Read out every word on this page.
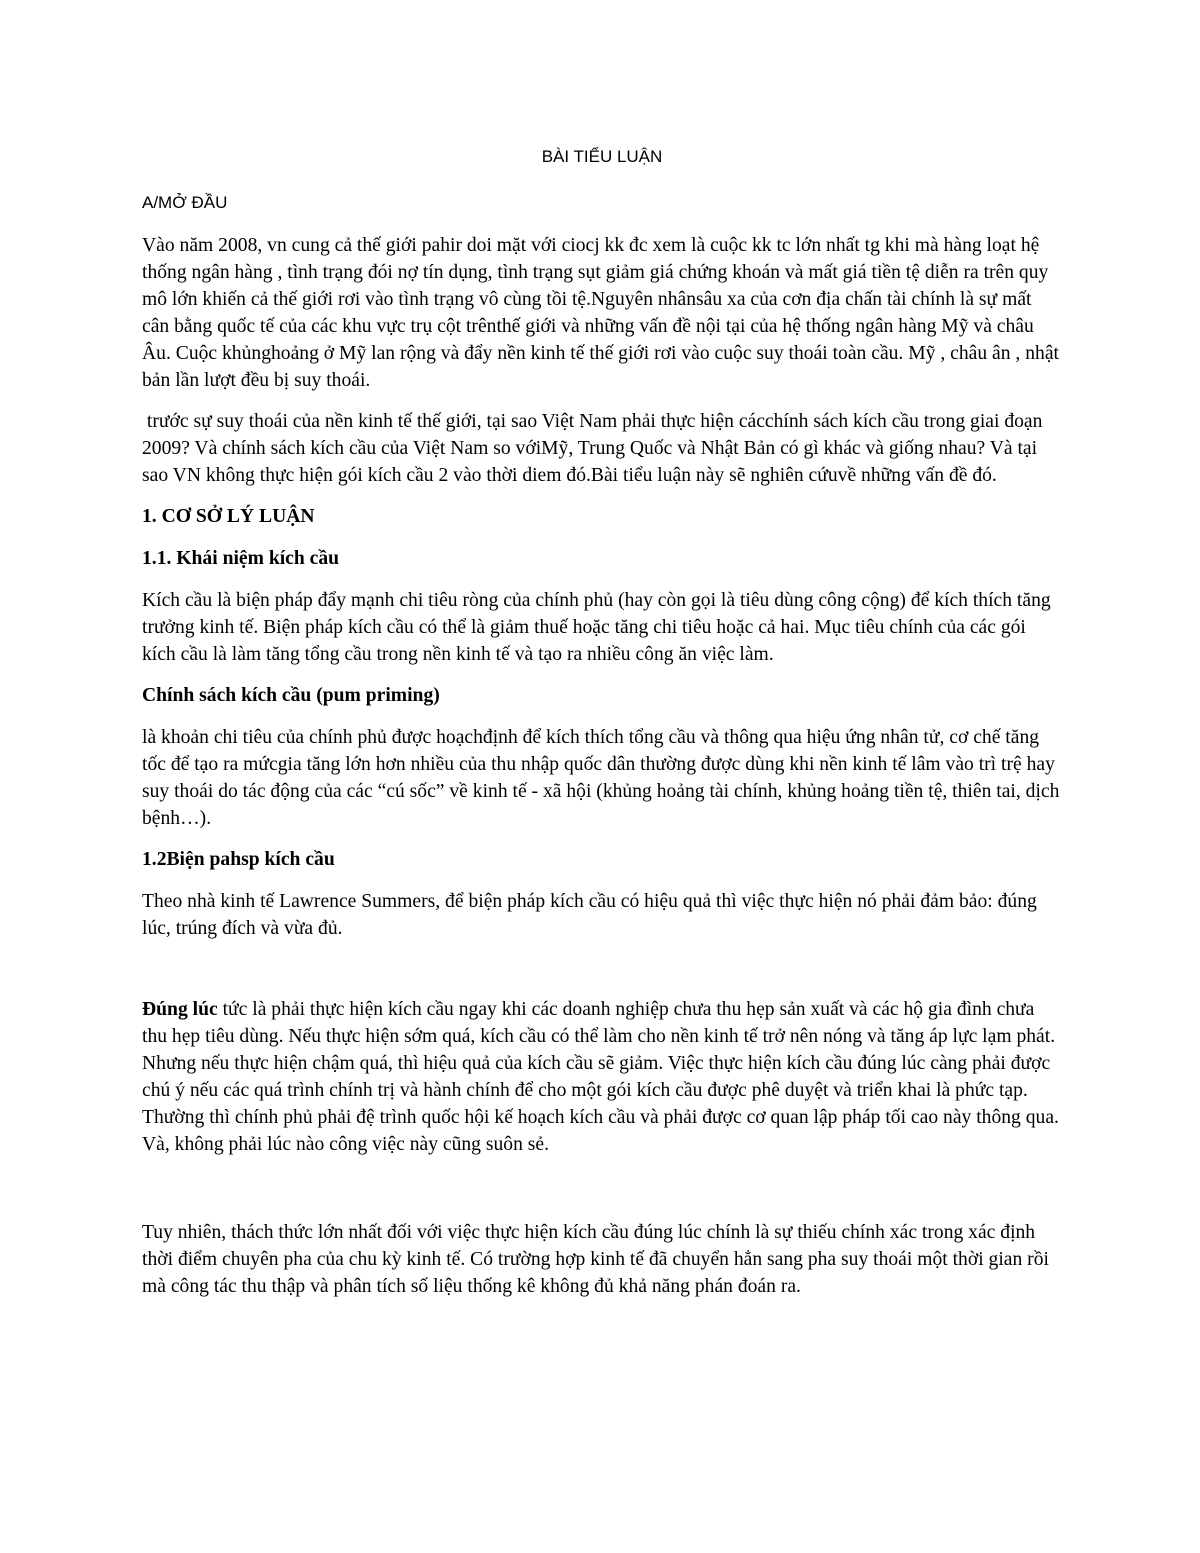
BÀI TIỂU LUẬN
A/MỞ ĐẦU

Vào năm 2008, vn cung cả thế giới pahir doi mặt với ciocj kk đc xem là cuộc kk tc lớn nhất tg khi mà hàng loạt hệ thống ngân hàng , tình trạng đói nợ tín dụng, tình trạng sụt giảm giá chứng khoán và mất giá tiền tệ diễn ra trên quy mô lớn khiến cả thế giới rơi vào tình trạng vô cùng tồi tệ.Nguyên nhânsâu xa của cơn địa chấn tài chính là sự mất cân bằng quốc tế của các khu vực trụ cột trênthế giới và những vấn đề nội tại của hệ thống ngân hàng Mỹ và châu Âu. Cuộc khủnghoảng ở Mỹ lan rộng và đẩy nền kinh tế thế giới rơi vào cuộc suy thoái toàn cầu. Mỹ , châu ân , nhật bản lần lượt đều bị suy thoái.

trước sự suy thoái của nền kinh tế thế giới, tại sao Việt Nam phải thực hiện cácchính sách kích cầu trong giai đoạn 2009? Và chính sách kích cầu của Việt Nam so vớiMỹ, Trung Quốc và Nhật Bản có gì khác và giống nhau? Và tại sao VN không thực hiện gói kích cầu 2 vào thời diem đó.Bài tiểu luận này sẽ nghiên cứuvề những vấn đề đó.

1. CƠ SỞ LÝ LUẬN
1.1. Khái niệm kích cầu

Kích cầu là biện pháp đẩy mạnh chi tiêu ròng của chính phủ (hay còn gọi là tiêu dùng công cộng) để kích thích tăng trưởng kinh tế. Biện pháp kích cầu có thể là giảm thuế hoặc tăng chi tiêu hoặc cả hai. Mục tiêu chính của các gói kích cầu là làm tăng tổng cầu trong nền kinh tế và tạo ra nhiều công ăn việc làm.

Chính sách kích cầu (pum priming)

là khoản chi tiêu của chính phủ được hoạchđịnh để kích thích tổng cầu và thông qua hiệu ứng nhân tử, cơ chế tăng tốc để tạo ra mứcgia tăng lớn hơn nhiều của thu nhập quốc dân thường được dùng khi nền kinh tế lâm vào trì trệ hay suy thoái do tác động của các “cú sốc” về kinh tế - xã hội (khủng hoảng tài chính, khủng hoảng tiền tệ, thiên tai, dịch bệnh…).

1.2Biện pahsp kích cầu

Theo nhà kinh tế Lawrence Summers, để biện pháp kích cầu có hiệu quả thì việc thực hiện nó phải đảm bảo: đúng lúc, trúng đích và vừa đủ.

Đúng lúc tức là phải thực hiện kích cầu ngay khi các doanh nghiệp chưa thu hẹp sản xuất và các hộ gia đình chưa thu hẹp tiêu dùng. Nếu thực hiện sớm quá, kích cầu có thể làm cho nền kinh tế trở nên nóng và tăng áp lực lạm phát. Nhưng nếu thực hiện chậm quá, thì hiệu quả của kích cầu sẽ giảm. Việc thực hiện kích cầu đúng lúc càng phải được chú ý nếu các quá trình chính trị và hành chính để cho một gói kích cầu được phê duyệt và triển khai là phức tạp. Thường thì chính phủ phải đệ trình quốc hội kế hoạch kích cầu và phải được cơ quan lập pháp tối cao này thông qua. Và, không phải lúc nào công việc này cũng suôn sẻ.

Tuy nhiên, thách thức lớn nhất đối với việc thực hiện kích cầu đúng lúc chính là sự thiếu chính xác trong xác định thời điểm chuyên pha của chu kỳ kinh tế. Có trường hợp kinh tế đã chuyển hẳn sang pha suy thoái một thời gian rồi mà công tác thu thập và phân tích số liệu thống kê không đủ khả năng phán đoán ra.
